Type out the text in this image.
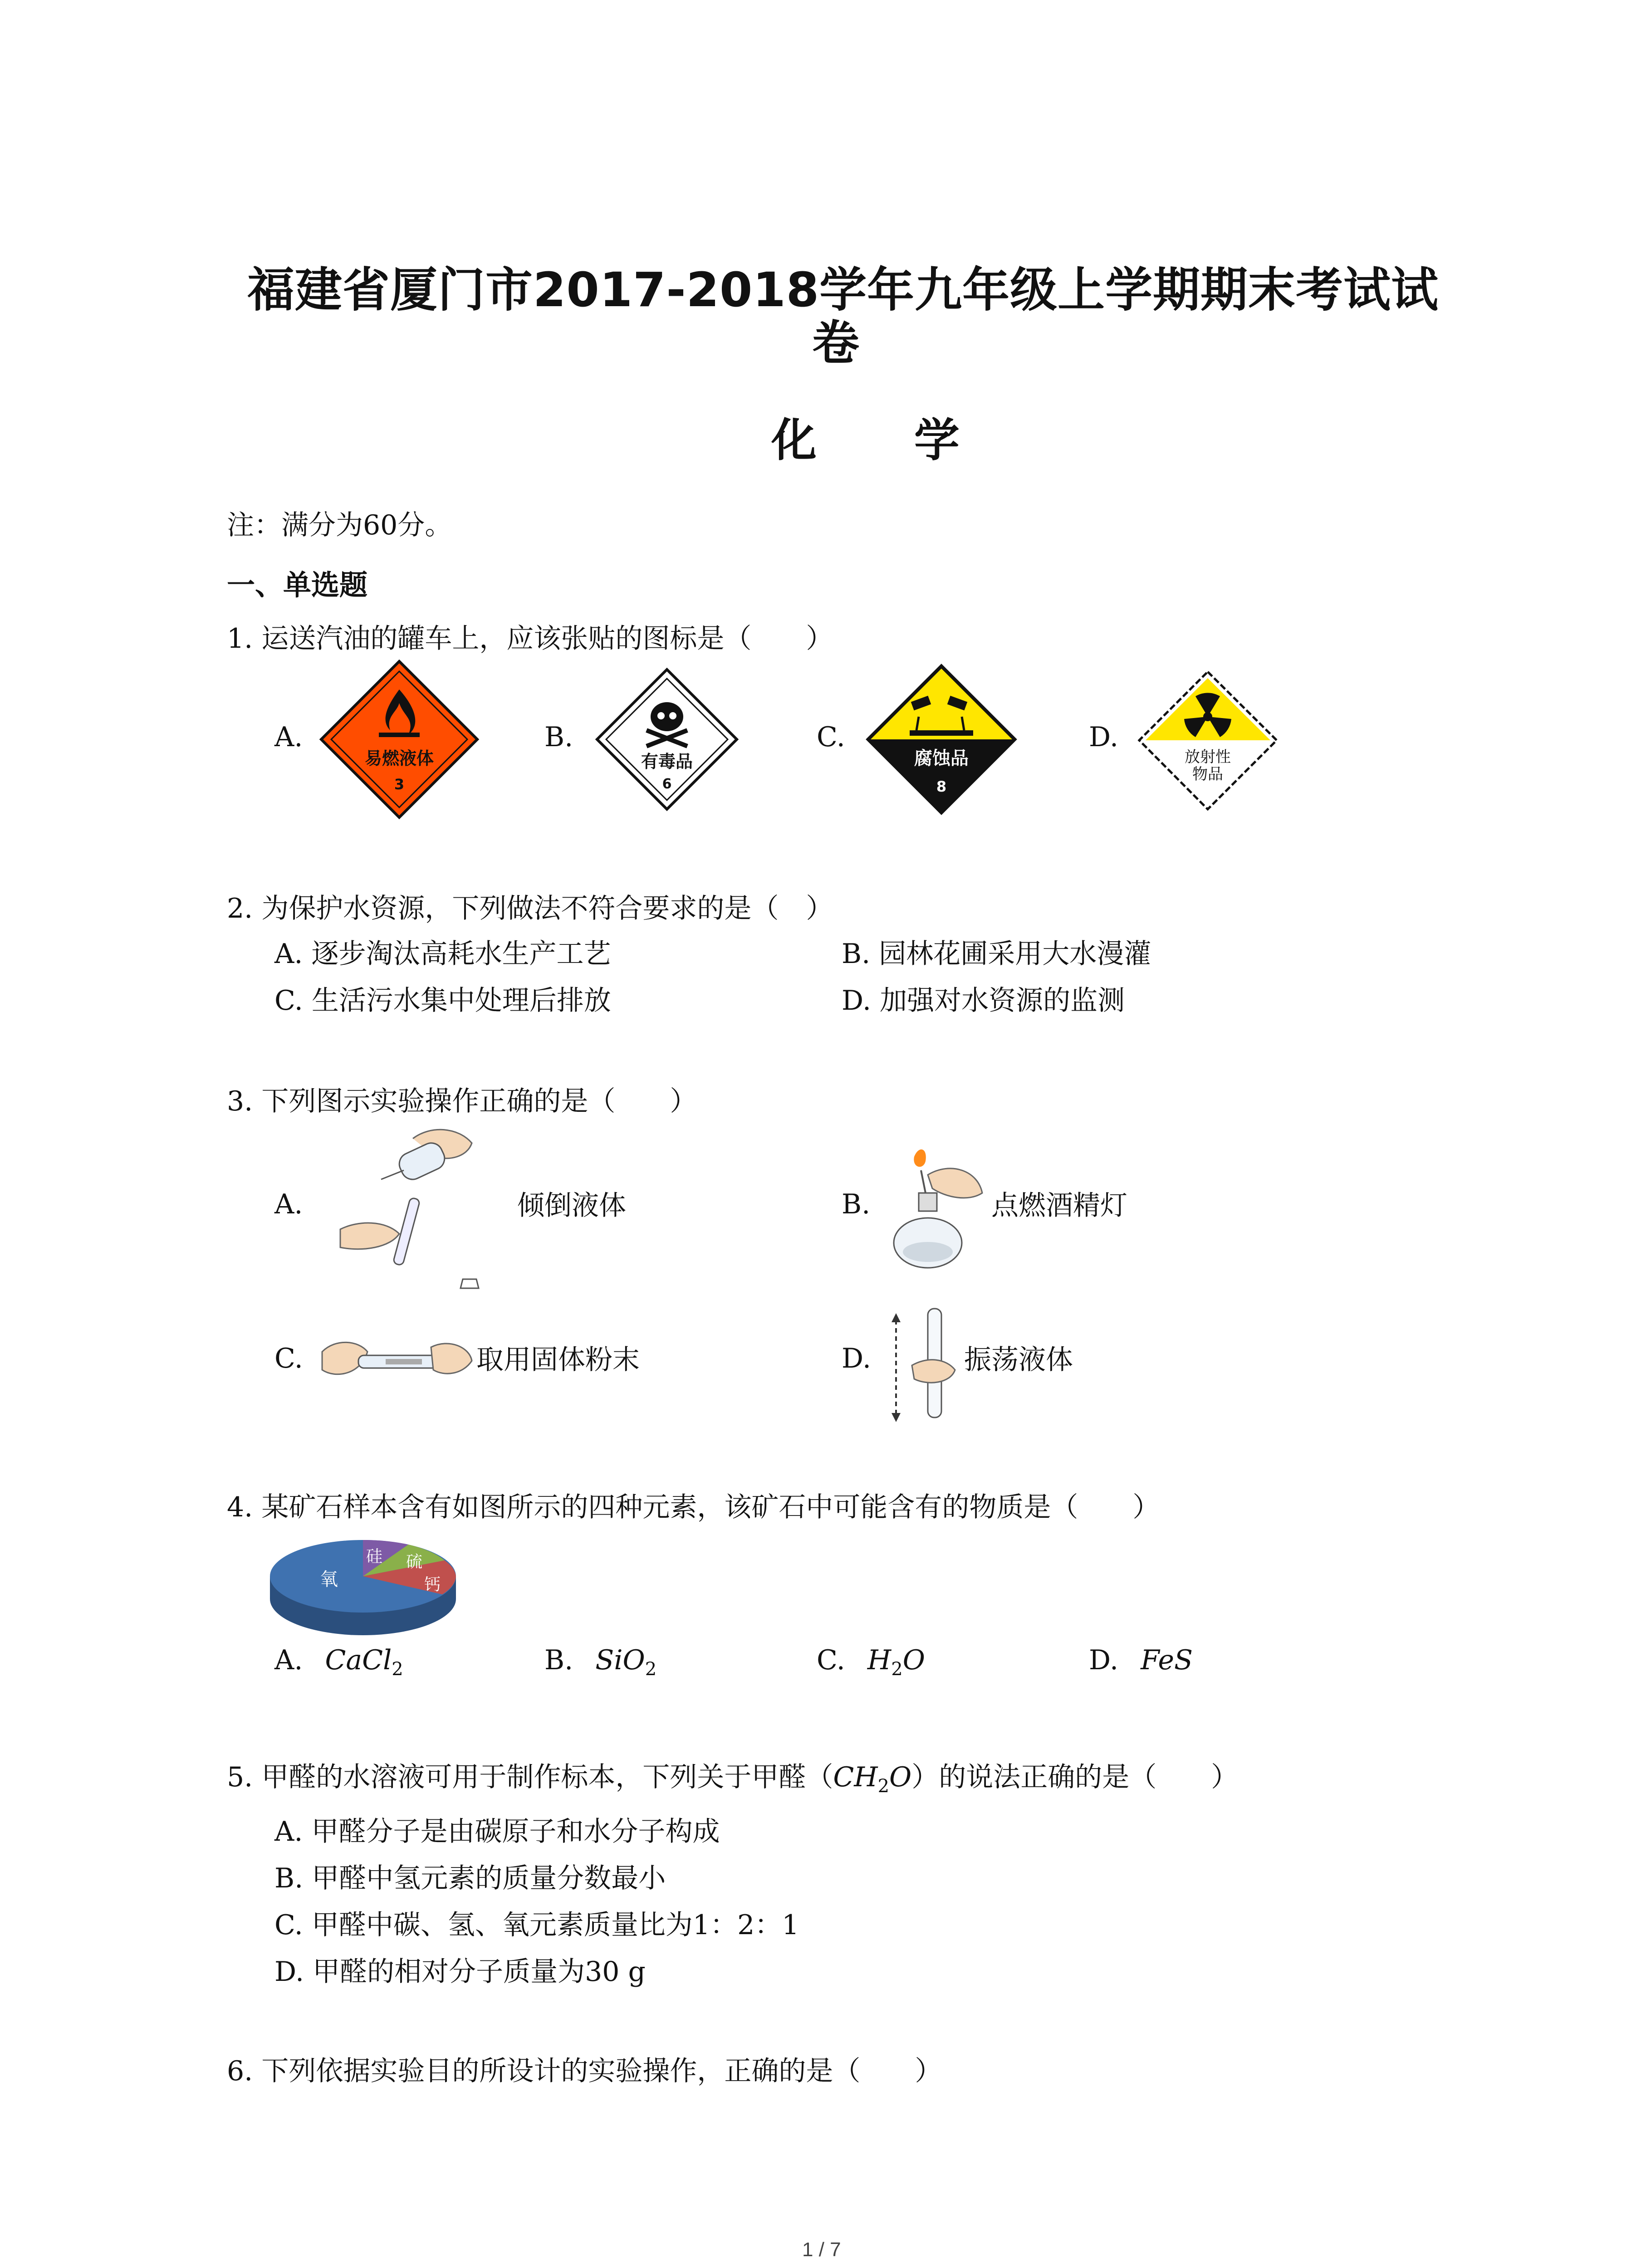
福建省厦门市2017-2018学年九年级上学期期末考试试
卷
化 学
注：满分为60分。
一、单选题
1. 运送汽油的罐车上，应该张贴的图标是（　　）
A.
易燃液体
3
B.
有毒品
6
C.
腐蚀品
8
D.
放射性
物品
2. 为保护水资源，下列做法不符合要求的是（　）
A. 逐步淘汰高耗水生产工艺	B. 园林花圃采用大水漫灌
C. 生活污水集中处理后排放	D. 加强对水资源的监测
3. 下列图示实验操作正确的是（　　）
A.	倾倒液体	B.	点燃酒精灯
C.	取用固体粉末	D.	振荡液体
4. 某矿石样本含有如图所示的四种元素，该矿石中可能含有的物质是（　　）
氧
硅 硫
钙
A. CaCl$_2$	B. SiO$_2$	C. $H_2O$	D. FeS
5. 甲醛的水溶液可用于制作标本，下列关于甲醛$(CH_2O)$的说法正确的是（　　）
A. 甲醛分子是由碳原子和水分子构成
B. 甲醛中氢元素的质量分数最小
C. 甲醛中碳、氢、氧元素质量比为1：2：1
D. 甲醛的相对分子质量为30 g
6. 下列依据实验目的所设计的实验操作，正确的是（　　）
1 / 7
